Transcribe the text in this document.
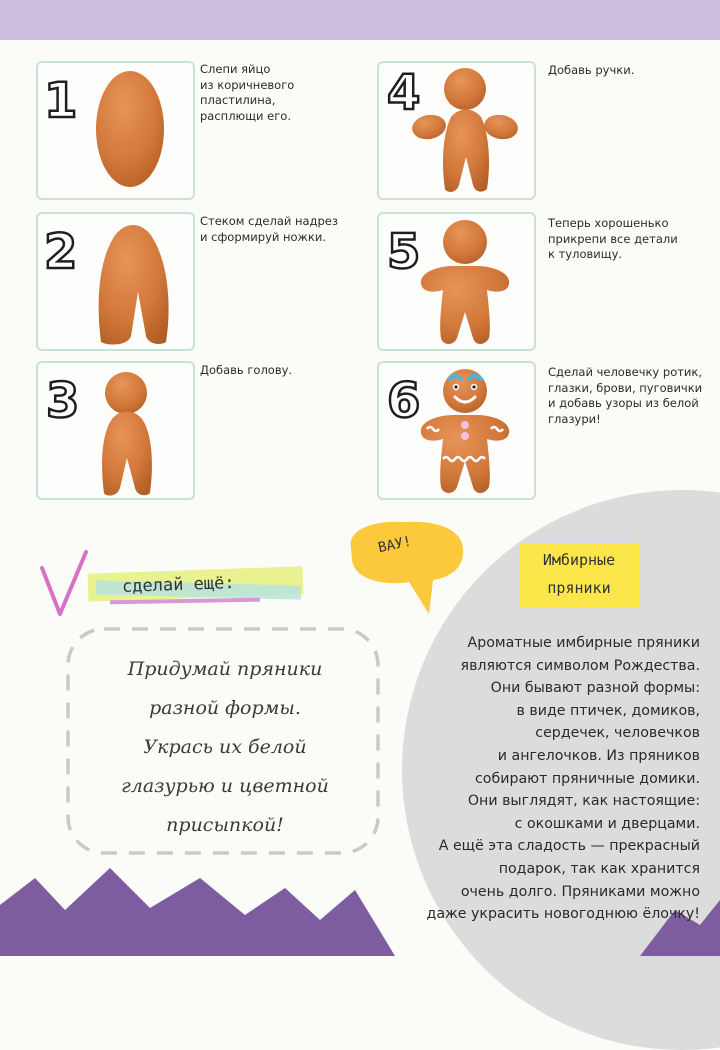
1
Слепи яйцо
из коричневого пластилина,
расплющи его.
2
Стеком сделай надрез
и сформируй ножки.
3
Добавь голову.
4	Добавь ручки.
5
Теперь хорошенько
прикрепи все детали
к туловищу.
6
Сделай человечку ротик,
глазки, брови, пуговички
и добавь узоры из белой
глазури!
ВАУ!
сделай ещё:
Придумай пряники
разной формы.
Укрась их белой
глазурью и цветной
присыпкой!
Имбирные
пряники
Ароматные имбирные пряники
являются символом Рождества.
Они бывают разной формы:
в виде птичек, домиков,
сердечек, человечков
и ангелочков. Из пряников
собирают пряничные домики.
Они выглядят, как настоящие:
с окошками и дверцами.
А ещё эта сладость — прекрасный
подарок, так как хранится
очень долго. Пряниками можно
даже украсить новогоднюю ёлочку!
